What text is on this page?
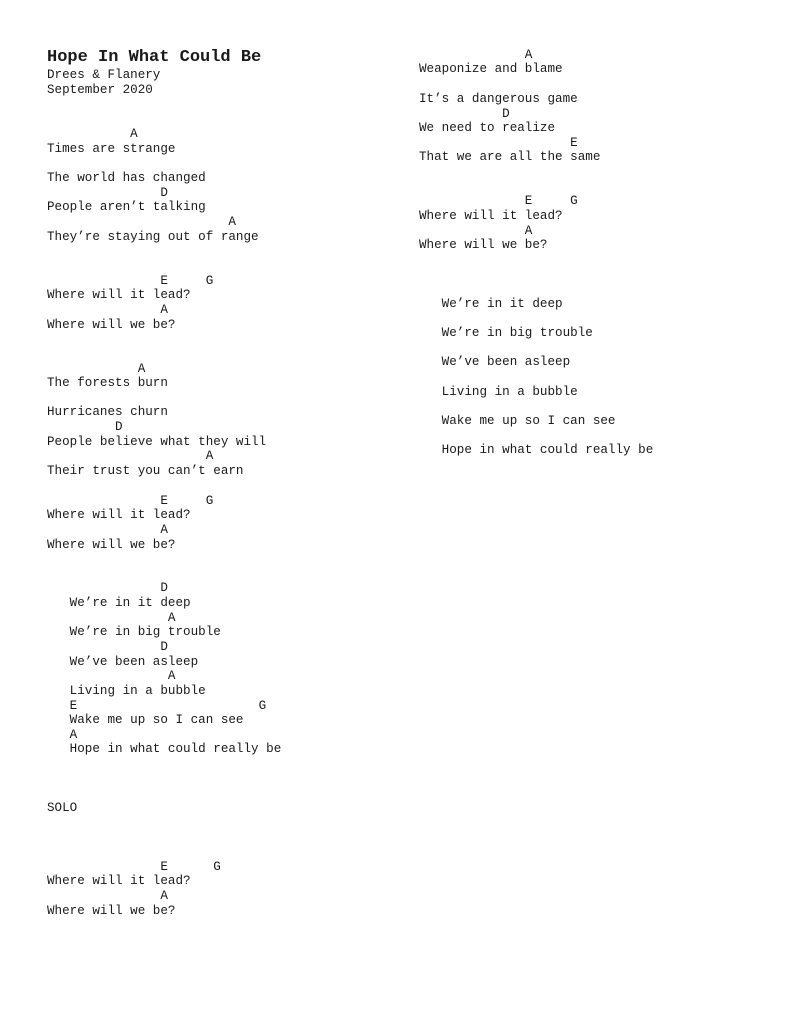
Hope In What Could Be
Drees & Flanery
September 2020
A
Times are strange
The world has changed
D
People aren’t talking
A
They’re staying out of range
E     G
Where will it lead?
A
Where will we be?
A
The forests burn
Hurricanes churn
D
People believe what they will
A
Their trust you can’t earn
E     G
Where will it lead?
A
Where will we be?
D
We’re in it deep
A
We’re in big trouble
D
We’ve been asleep
A
Living in a bubble
E                        G
Wake me up so I can see
A
Hope in what could really be
SOLO
E      G
Where will it lead?
A
Where will we be?
A
Weaponize and blame
It’s a dangerous game
D
We need to realize
E
That we are all the same
E     G
Where will it lead?
A
Where will we be?
We’re in it deep
We’re in big trouble
We’ve been asleep
Living in a bubble
Wake me up so I can see
Hope in what could really be
